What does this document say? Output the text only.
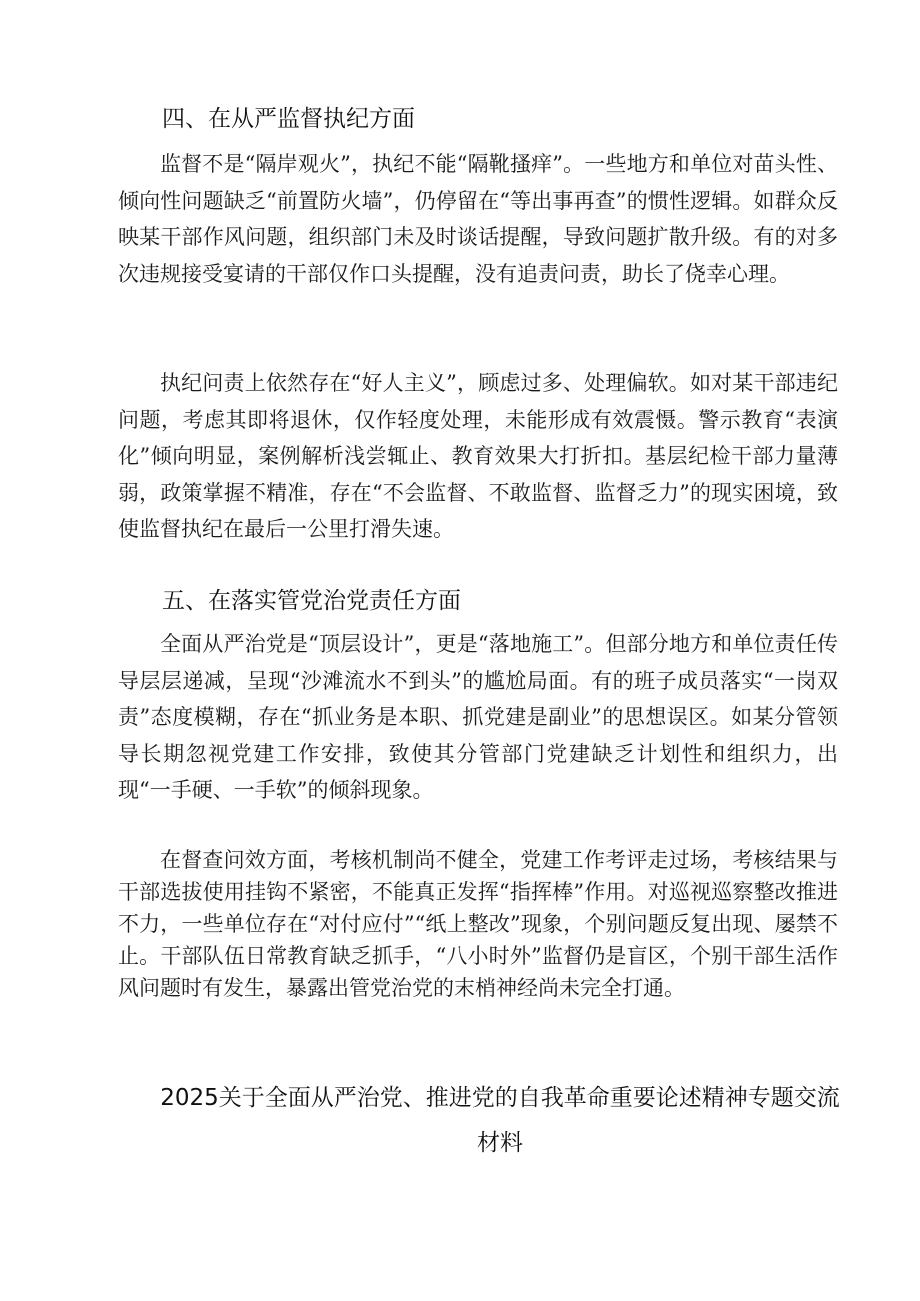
四、在从严监督执纪方面

监督不是“隔岸观火”，执纪不能“隔靴搔痒”。一些地方和单位对苗头性、倾向性问题缺乏“前置防火墙”，仍停留在“等出事再查”的惯性逻辑。如群众反映某干部作风问题，组织部门未及时谈话提醒，导致问题扩散升级。有的对多次违规接受宴请的干部仅作口头提醒，没有追责问责，助长了侥幸心理。

执纪问责上依然存在“好人主义”，顾虑过多、处理偏软。如对某干部违纪问题，考虑其即将退休，仅作轻度处理，未能形成有效震慑。警示教育“表演化”倾向明显，案例解析浅尝辄止、教育效果大打折扣。基层纪检干部力量薄弱，政策掌握不精准，存在“不会监督、不敢监督、监督乏力”的现实困境，致使监督执纪在最后一公里打滑失速。

五、在落实管党治党责任方面

全面从严治党是“顶层设计”，更是“落地施工”。但部分地方和单位责任传导层层递减，呈现“沙滩流水不到头”的尴尬局面。有的班子成员落实“一岗双责”态度模糊，存在“抓业务是本职、抓党建是副业”的思想误区。如某分管领导长期忽视党建工作安排，致使其分管部门党建缺乏计划性和组织力，出现“一手硬、一手软”的倾斜现象。

在督查问效方面，考核机制尚不健全，党建工作考评走过场，考核结果与干部选拔使用挂钩不紧密，不能真正发挥“指挥棒”作用。对巡视巡察整改推进不力，一些单位存在“对付应付”“纸上整改”现象，个别问题反复出现、屡禁不止。干部队伍日常教育缺乏抓手，“八小时外”监督仍是盲区，个别干部生活作风问题时有发生，暴露出管党治党的末梢神经尚未完全打通。

2025关于全面从严治党、推进党的自我革命重要论述精神专题交流
材料
